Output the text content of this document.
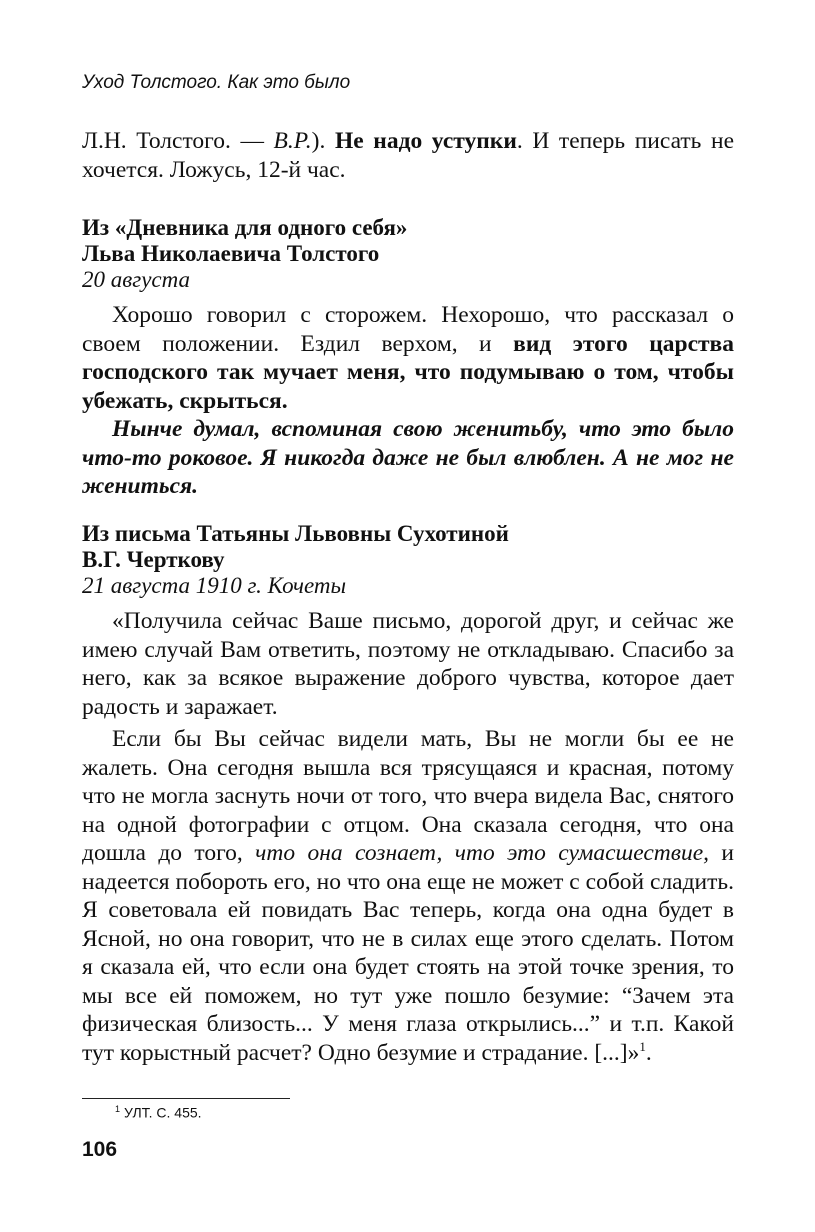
Уход Толстого. Как это было

Л.Н. Толстого. — В.Р.). Не надо уступки. И теперь писать не хочется. Ложусь, 12-й час.

Из «Дневника для одного себя»

Льва Николаевича Толстого

20 августа

Хорошо говорил с сторожем. Нехорошо, что рассказал о своем положении. Ездил верхом, и вид этого царства господского так мучает меня, что подумываю о том, чтобы убежать, скрыться.

Нынче думал, вспоминая свою женитьбу, что это было что-то роковое. Я никогда даже не был влюблен. А не мог не жениться.

Из письма Татьяны Львовны Сухотиной

В.Г. Черткову

21 августа 1910 г. Кочеты

«Получила сейчас Ваше письмо, дорогой друг, и сейчас же имею случай Вам ответить, поэтому не откладываю. Спасибо за него, как за всякое выражение доброго чувства, которое дает радость и заражает.

Если бы Вы сейчас видели мать, Вы не могли бы ее не жалеть. Она сегодня вышла вся трясущаяся и красная, потому что не могла заснуть ночи от того, что вчера видела Вас, снятого на одной фотографии с отцом. Она сказала сегодня, что она дошла до того, что она сознает, что это сумасшествие, и надеется побороть его, но что она еще не может с собой сладить. Я советовала ей повидать Вас теперь, когда она одна будет в Ясной, но она говорит, что не в силах еще этого сделать. Потом я сказала ей, что если она будет стоять на этой точке зрения, то мы все ей поможем, но тут уже пошло безумие: “Зачем эта физическая близость... У меня глаза открылись...” и т.п. Какой тут корыстный расчет? Одно безумие и страдание. [...]»$^1$.

$^1$ УЛТ. С. 455.
106
